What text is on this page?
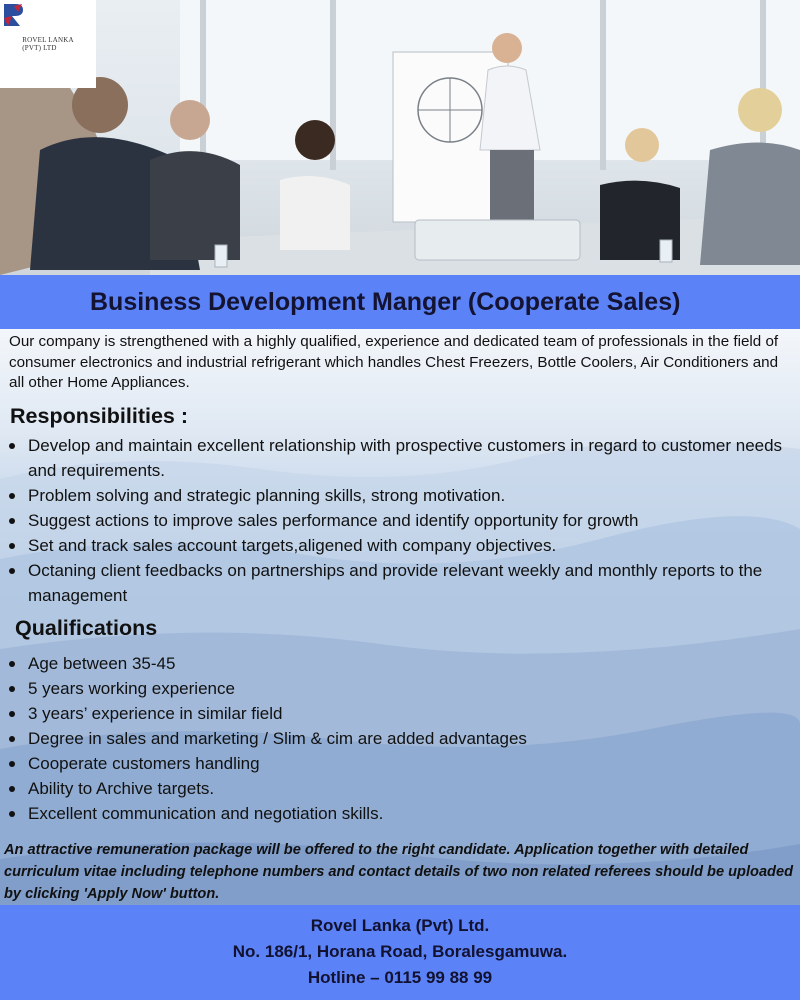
ROVEL LANKA
(PVT) LTD
Business Development Manger (Cooperate Sales)

Our company is strengthened with a highly qualified, experience and dedicated team of professionals in the field of consumer electronics and industrial refrigerant which handles Chest Freezers, Bottle Coolers, Air Conditioners and all other Home Appliances.

Responsibilities :
Develop and maintain excellent relationship with prospective customers in regard to customer needs and requirements.
Problem solving and strategic planning skills, strong motivation.
Suggest actions to improve sales performance and identify opportunity for growth
Set and track sales account targets,aligened with company objectives.
Octaning client feedbacks on partnerships and provide relevant weekly and monthly reports to the management
Qualifications
Age between 35-45
5 years working experience
3 years’ experience in similar field
Degree in sales and marketing / Slim & cim are added advantages
Cooperate customers handling
Ability to Archive targets.
Excellent communication and negotiation skills.

An attractive remuneration package will be offered to the right candidate. Application together with detailed curriculum vitae including telephone numbers and contact details of two non related referees should be uploaded by clicking 'Apply Now' button.

Rovel Lanka (Pvt) Ltd.

No. 186/1, Horana Road, Boralesgamuwa.

Hotline – 0115 99 88 99
